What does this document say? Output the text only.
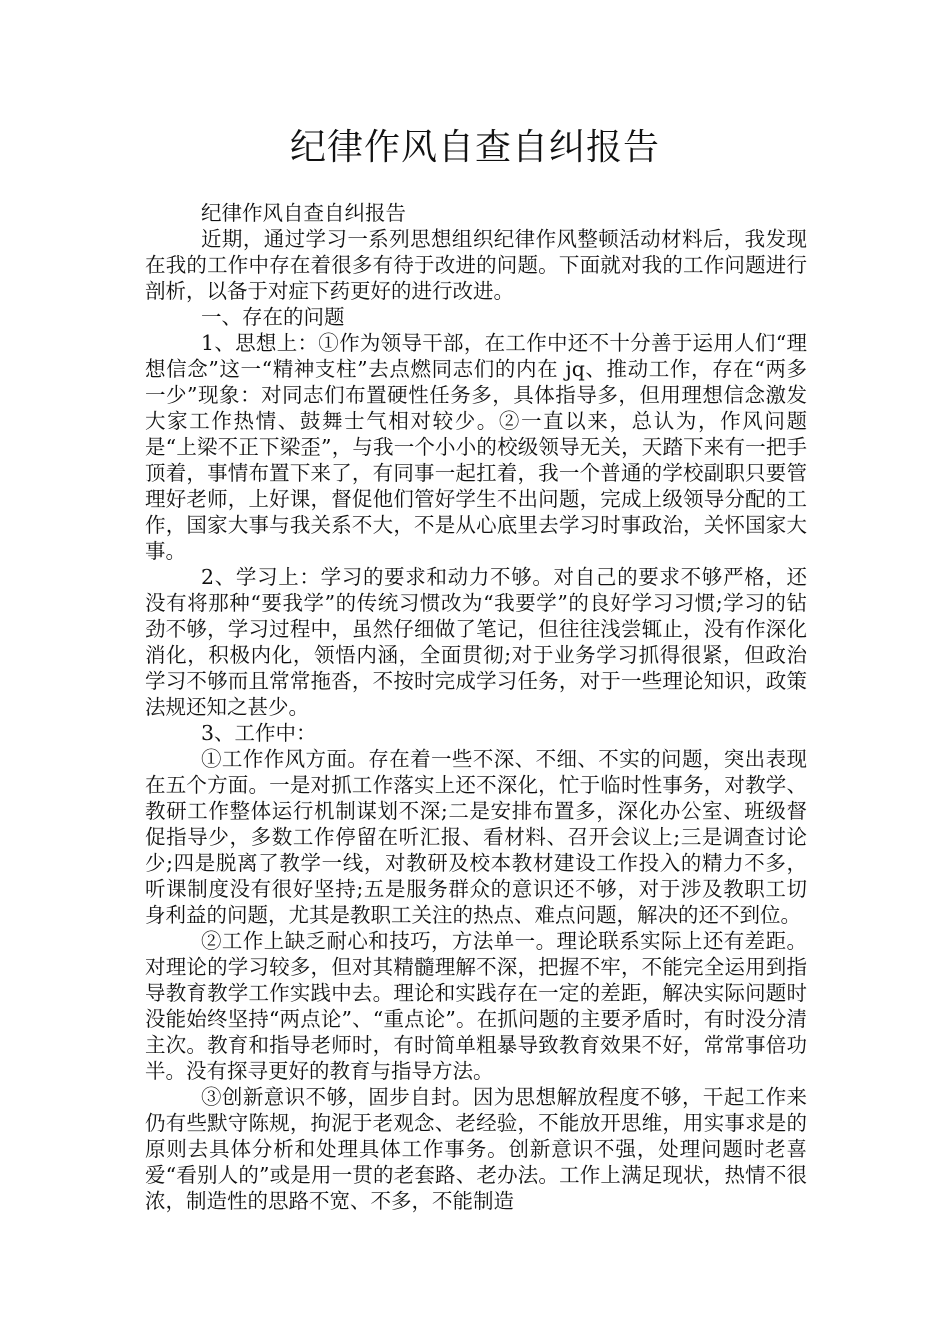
纪律作风自查自纠报告

纪律作风自查自纠报告

近期，通过学习一系列思想组织纪律作风整顿活动材料后，我发现在我的工作中存在着很多有待于改进的问题。下面就对我的工作问题进行剖析，以备于对症下药更好的进行改进。

一、存在的问题

1、思想上：①作为领导干部，在工作中还不十分善于运用人们“理想信念”这一“精神支柱”去点燃同志们的内在 jq、推动工作，存在“两多一少”现象：对同志们布置硬性任务多，具体指导多，但用理想信念激发大家工作热情、鼓舞士气相对较少。②一直以来，总认为，作风问题是“上梁不正下梁歪”，与我一个小小的校级领导无关，天踏下来有一把手顶着，事情布置下来了，有同事一起扛着，我一个普通的学校副职只要管理好老师，上好课，督促他们管好学生不出问题，完成上级领导分配的工作，国家大事与我关系不大，不是从心底里去学习时事政治，关怀国家大事。

2、学习上：学习的要求和动力不够。对自己的要求不够严格，还没有将那种“要我学”的传统习惯改为“我要学”的良好学习习惯;学习的钻劲不够，学习过程中，虽然仔细做了笔记，但往往浅尝辄止，没有作深化消化，积极内化，领悟内涵，全面贯彻;对于业务学习抓得很紧，但政治学习不够而且常常拖沓，不按时完成学习任务，对于一些理论知识，政策法规还知之甚少。

3、工作中：

①工作作风方面。存在着一些不深、不细、不实的问题，突出表现在五个方面。一是对抓工作落实上还不深化，忙于临时性事务，对教学、教研工作整体运行机制谋划不深;二是安排布置多，深化办公室、班级督促指导少，多数工作停留在听汇报、看材料、召开会议上;三是调查讨论少;四是脱离了教学一线，对教研及校本教材建设工作投入的精力不多，听课制度没有很好坚持;五是服务群众的意识还不够，对于涉及教职工切身利益的问题，尤其是教职工关注的热点、难点问题，解决的还不到位。

②工作上缺乏耐心和技巧，方法单一。理论联系实际上还有差距。对理论的学习较多，但对其精髓理解不深，把握不牢，不能完全运用到指导教育教学工作实践中去。理论和实践存在一定的差距，解决实际问题时没能始终坚持“两点论”、“重点论”。在抓问题的主要矛盾时，有时没分清主次。教育和指导老师时，有时简单粗暴导致教育效果不好，常常事倍功半。没有探寻更好的教育与指导方法。

③创新意识不够，固步自封。因为思想解放程度不够，干起工作来仍有些默守陈规，拘泥于老观念、老经验，不能放开思维，用实事求是的原则去具体分析和处理具体工作事务。创新意识不强，处理问题时老喜爱“看别人的”或是用一贯的老套路、老办法。工作上满足现状，热情不很浓，制造性的思路不宽、不多，不能制造
